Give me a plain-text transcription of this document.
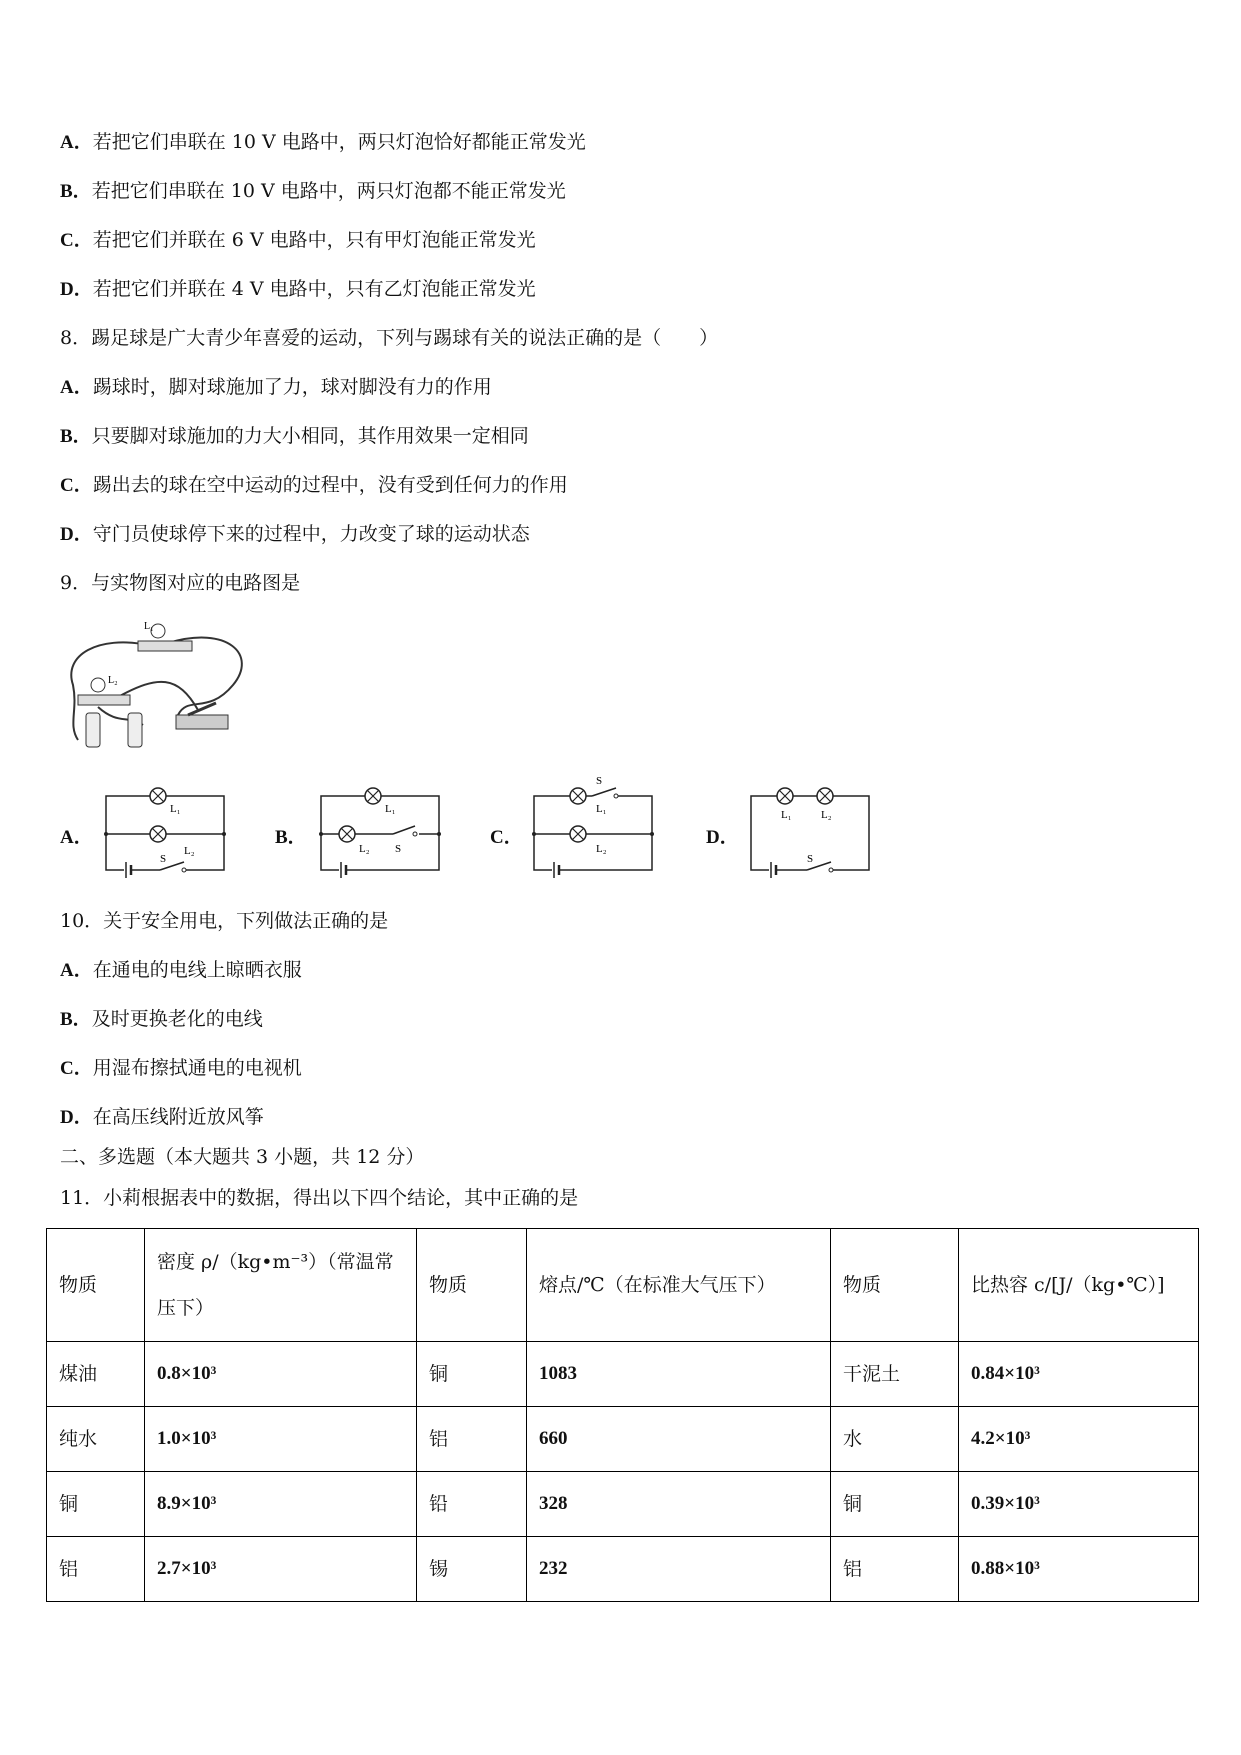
A．若把它们串联在 10 V 电路中，两只灯泡恰好都能正常发光
B．若把它们串联在 10 V 电路中，两只灯泡都不能正常发光
C．若把它们并联在 6 V 电路中，只有甲灯泡能正常发光
D．若把它们并联在 4 V 电路中，只有乙灯泡能正常发光
8．踢足球是广大青少年喜爱的运动，下列与踢球有关的说法正确的是（　　）
A．踢球时，脚对球施加了力，球对脚没有力的作用
B．只要脚对球施加的力大小相同，其作用效果一定相同
C．踢出去的球在空中运动的过程中，没有受到任何力的作用
D．守门员使球停下来的过程中，力改变了球的运动状态
9．与实物图对应的电路图是
L₁
L₂
A．	B．	C．	D．
L₁
L₂
S
L₁
L₂ S
S
L₁
L₂
L₁	L₂
S
10．关于安全用电，下列做法正确的是
A．在通电的电线上晾晒衣服
B．及时更换老化的电线
C．用湿布擦拭通电的电视机
D．在高压线附近放风筝
二、多选题（本大题共 3 小题，共 12 分）
11．小莉根据表中的数据，得出以下四个结论，其中正确的是
物质	密度 ρ/（kg•m⁻³）（常温常压下）	物质	熔点/℃（在标准大气压下）	物质	比热容 c/[J/（kg•℃）]
煤油	0.8×10³	铜	1083	干泥土	0.84×10³
纯水	1.0×10³	铝	660	水	4.2×10³
铜	8.9×10³	铅	328	铜	0.39×10³
铝	2.7×10³	锡	232	铝	0.88×10³
